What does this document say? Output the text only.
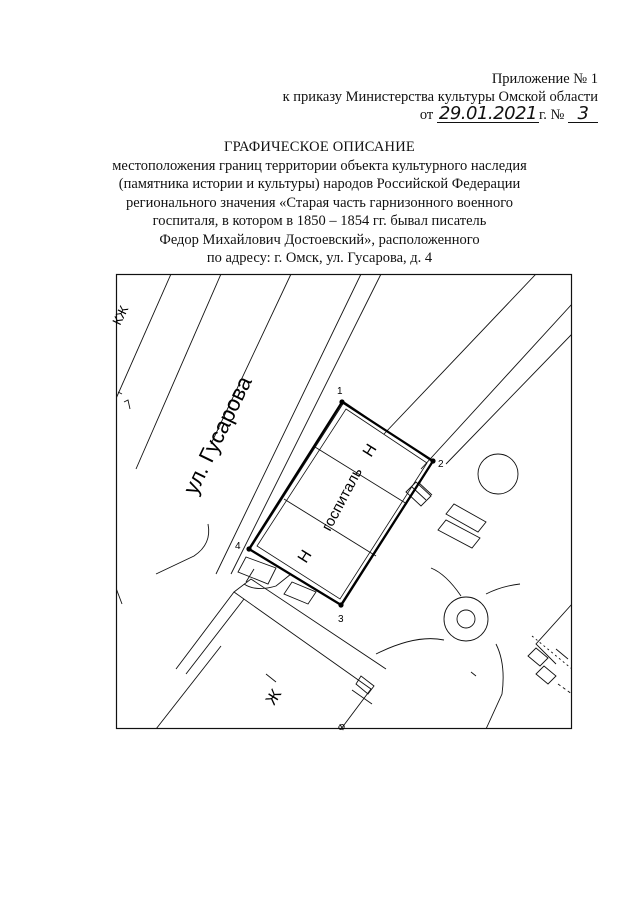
Приложение № 1
к приказу Министерства культуры Омской области
от 29.01.2021 г. № 3
ГРАФИЧЕСКОЕ ОПИСАНИЕ
местоположения границ территории объекта культурного наследия
(памятника истории и культуры) народов Российской Федерации
регионального значения «Старая часть гарнизонного военного
госпиталя, в котором в 1850 – 1854 гг. бывал писатель
Федор Михайлович Достоевский», расположенного
по адресу: г. Омск, ул. Гусарова, д. 4
1
2
3
4
ул. Гусарова
госпиталь
Н
Н
Ж
КЖ
Ф
